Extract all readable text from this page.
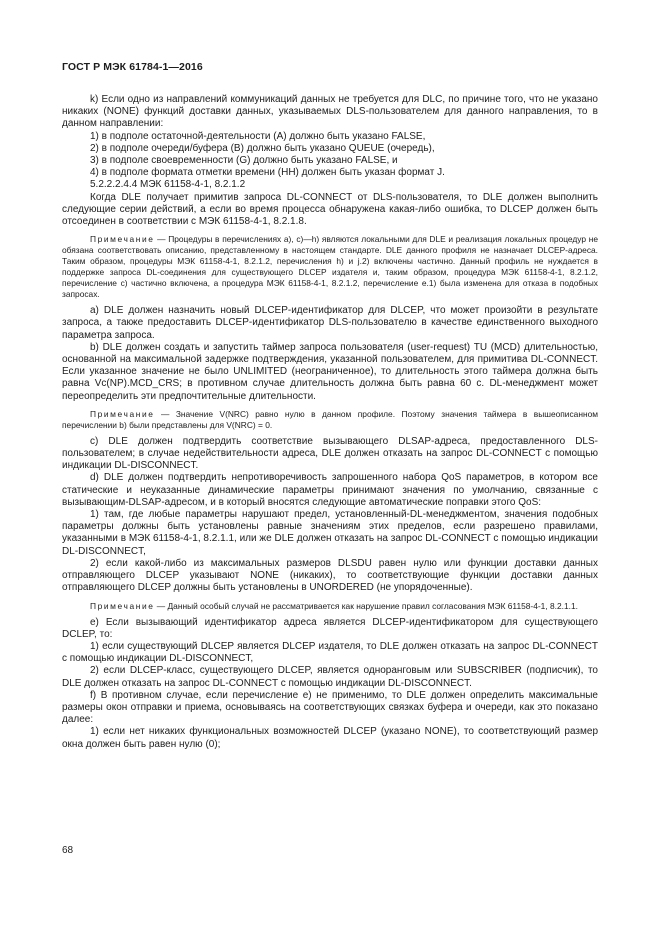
ГОСТ Р МЭК 61784-1—2016

k) Если одно из направлений коммуникаций данных не требуется для DLC, по причине того, что не указано никаких (NONE) функций доставки данных, указываемых DLS-пользователем для данного направления, то в данном направлении:

1) в подполе остаточной-деятельности (A) должно быть указано FALSE,

2) в подполе очереди/буфера (B) должно быть указано QUEUE (очередь),

3) в подполе своевременности (G) должно быть указано FALSE, и

4) в подполе формата отметки времени (HH) должен быть указан формат J.

5.2.2.2.4.4 МЭК 61158-4-1, 8.2.1.2

Когда DLE получает примитив запроса DL-CONNECT от DLS-пользователя, то DLE должен выполнить следующие серии действий, а если во время процесса обнаружена какая-либо ошибка, то DLCEP должен быть отсоединен в соответствии с МЭК 61158-4-1, 8.2.1.8.

Примечание — Процедуры в перечислениях a), c)—h) являются локальными для DLE и реализация локальных процедур не обязана соответствовать описанию, представленному в настоящем стандарте. DLE данного профиля не назначает DLCEP-адреса. Таким образом, процедуры МЭК 61158-4-1, 8.2.1.2, перечисления h) и j.2) включены частично. Данный профиль не нуждается в поддержке запроса DL-соединения для существующего DLCEP издателя и, таким образом, процедура МЭК 61158-4-1, 8.2.1.2, перечисление c) частично включена, а процедура МЭК 61158-4-1, 8.2.1.2, перечисление e.1) была изменена для отказа в подобных запросах.

a) DLE должен назначить новый DLCEP-идентификатор для DLCEP, что может произойти в результате запроса, а также предоставить DLCEP-идентификатор DLS-пользователю в качестве единственного выходного параметра запроса.

b) DLE должен создать и запустить таймер запроса пользователя (user-request) TU (MCD) длительностью, основанной на максимальной задержке подтверждения, указанной пользователем, для примитива DL-CONNECT. Если указанное значение не было UNLIMITED (неограниченное), то длительность этого таймера должна быть равна Vc(NP).MCD_CRS; в противном случае длительность должна быть равна 60 с. DL-менеджмент может переопределить эти предпочтительные длительности.

Примечание — Значение V(NRC) равно нулю в данном профиле. Поэтому значения таймера в вышеописанном перечислении b) были представлены для V(NRC) = 0.

c) DLE должен подтвердить соответствие вызывающего DLSAP-адреса, предоставленного DLS-пользователем; в случае недействительности адреса, DLE должен отказать на запрос DL-CONNECT с помощью индикации DL-DISCONNECT.

d) DLE должен подтвердить непротиворечивость запрошенного набора QoS параметров, в котором все статические и неуказанные динамические параметры принимают значения по умолчанию, связанные с вызывающим-DLSAP-адресом, и в который вносятся следующие автоматические поправки этого QoS:

1) там, где любые параметры нарушают предел, установленный-DL-менеджментом, значения подобных параметры должны быть установлены равные значениям этих пределов, если разрешено правилами, указанными в МЭК 61158-4-1, 8.2.1.1, или же DLE должен отказать на запрос DL-CONNECT с помощью индикации DL-DISCONNECT,

2) если какой-либо из максимальных размеров DLSDU равен нулю или функции доставки данных отправляющего DLCEP указывают NONE (никаких), то соответствующие функции доставки данных отправляющего DLCEP должны быть установлены в UNORDERED (не упорядоченные).

Примечание — Данный особый случай не рассматривается как нарушение правил согласования МЭК 61158-4-1, 8.2.1.1.

e) Если вызывающий идентификатор адреса является DLCEP-идентификатором для существующего DCLEP, то:

1) если существующий DLCEP является DLCEP издателя, то DLE должен отказать на запрос DL-CONNECT с помощью индикации DL-DISCONNECT,

2) если DLCEP-класс, существующего DLCEP, является одноранговым или SUBSCRIBER (подписчик), то DLE должен отказать на запрос DL-CONNECT с помощью индикации DL-DISCONNECT.

f) В противном случае, если перечисление e) не применимо, то DLE должен определить максимальные размеры окон отправки и приема, основываясь на соответствующих связках буфера и очереди, как это показано далее:

1) если нет никаких функциональных возможностей DLCEP (указано NONE), то соответствующий размер окна должен быть равен нулю (0);

68
